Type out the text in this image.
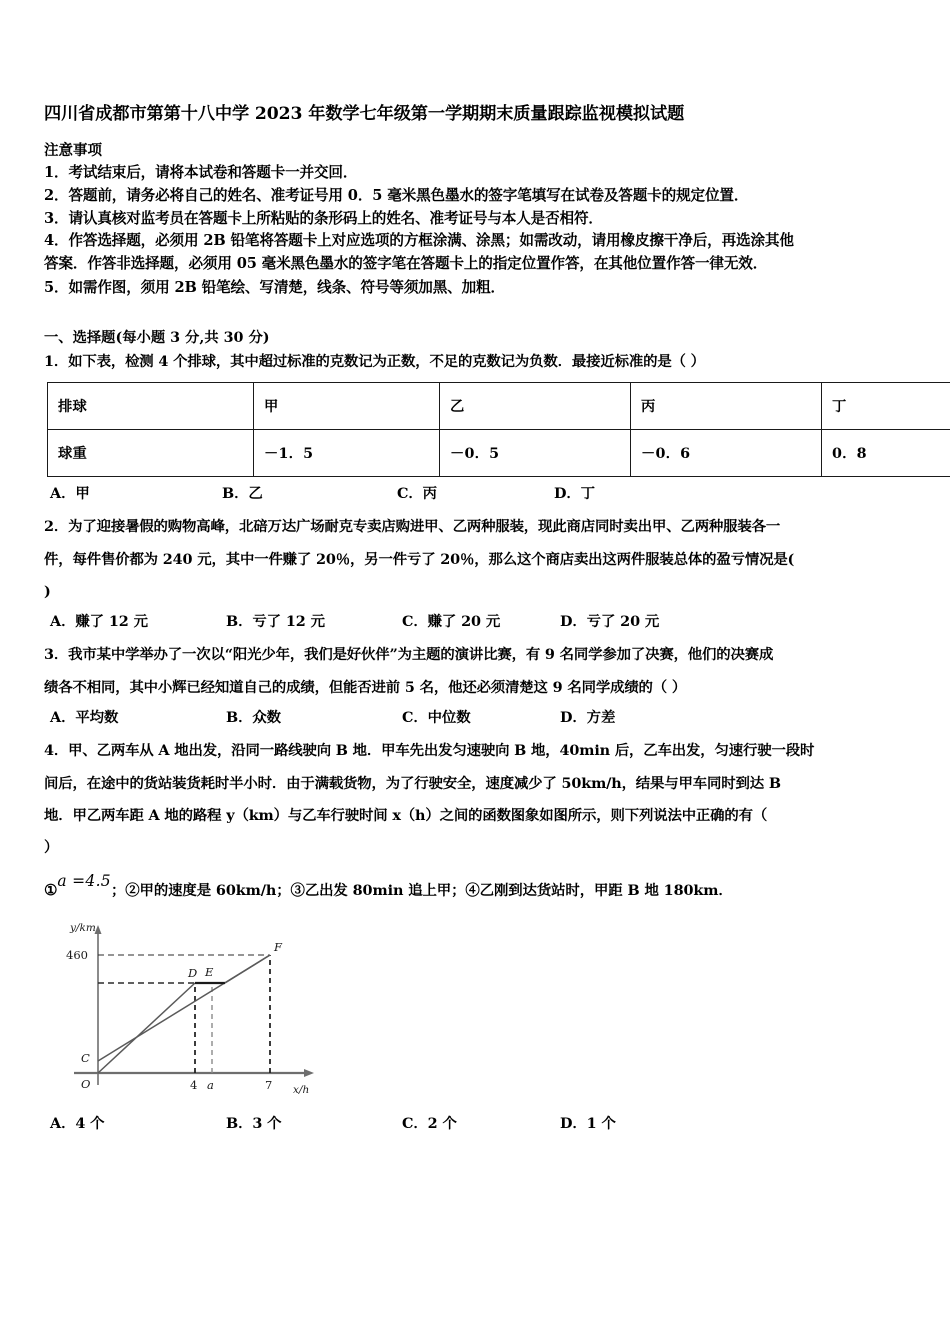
四川省成都市第第十八中学 2023 年数学七年级第一学期期末质量跟踪监视模拟试题
注意事项
1．考试结束后，请将本试卷和答题卡一并交回．
2．答题前，请务必将自己的姓名、准考证号用 0．5 毫米黑色墨水的签字笔填写在试卷及答题卡的规定位置．
3．请认真核对监考员在答题卡上所粘贴的条形码上的姓名、准考证号与本人是否相符．
4．作答选择题，必须用 2B 铅笔将答题卡上对应选项的方框涂满、涂黑；如需改动，请用橡皮擦干净后，再选涂其他
答案．作答非选择题，必须用 05 毫米黑色墨水的签字笔在答题卡上的指定位置作答，在其他位置作答一律无效．
5．如需作图，须用 2B 铅笔绘、写清楚，线条、符号等须加黑、加粗．
一、选择题(每小题 3 分,共 30 分)
1．如下表，检测 4 个排球，其中超过标准的克数记为正数，不足的克数记为负数．最接近标准的是（ ）
排球	甲	乙	丙	丁
球重	－1．5	－0．5	－0．6	0．8
A．甲	B．乙	C．丙	D．丁
2．为了迎接暑假的购物高峰，北碚万达广场耐克专卖店购进甲、乙两种服装，现此商店同时卖出甲、乙两种服装各一
件，每件售价都为 240 元，其中一件赚了 20％，另一件亏了 20％，那么这个商店卖出这两件服装总体的盈亏情况是(
)
A．赚了 12 元	B．亏了 12 元	C．赚了 20 元	D．亏了 20 元
3．我市某中学举办了一次以“阳光少年，我们是好伙伴”为主题的演讲比赛，有 9 名同学参加了决赛，他们的决赛成
绩各不相同，其中小辉已经知道自己的成绩，但能否进前 5 名，他还必须清楚这 9 名同学成绩的（ ）
A．平均数	B．众数	C．中位数	D．方差
4．甲、乙两车从 A 地出发，沿同一路线驶向 B 地．甲车先出发匀速驶向 B 地，40min 后，乙车出发，匀速行驶一段时
间后，在途中的货站装货耗时半小时．由于满载货物，为了行驶安全，速度减少了 50km/h，结果与甲车同时到达 B
地．甲乙两车距 A 地的路程 y（km）与乙车行驶时间 x（h）之间的函数图象如图所示，则下列说法中正确的有（
）
①a =4.5；②甲的速度是 60km/h；③乙出发 80min 追上甲；④乙刚到达货站时，甲距 B 地 180km．
y/km
460
O	4 a	7 x/h
C
D E
F
A．4 个	B．3 个	C．2 个	D．1 个
